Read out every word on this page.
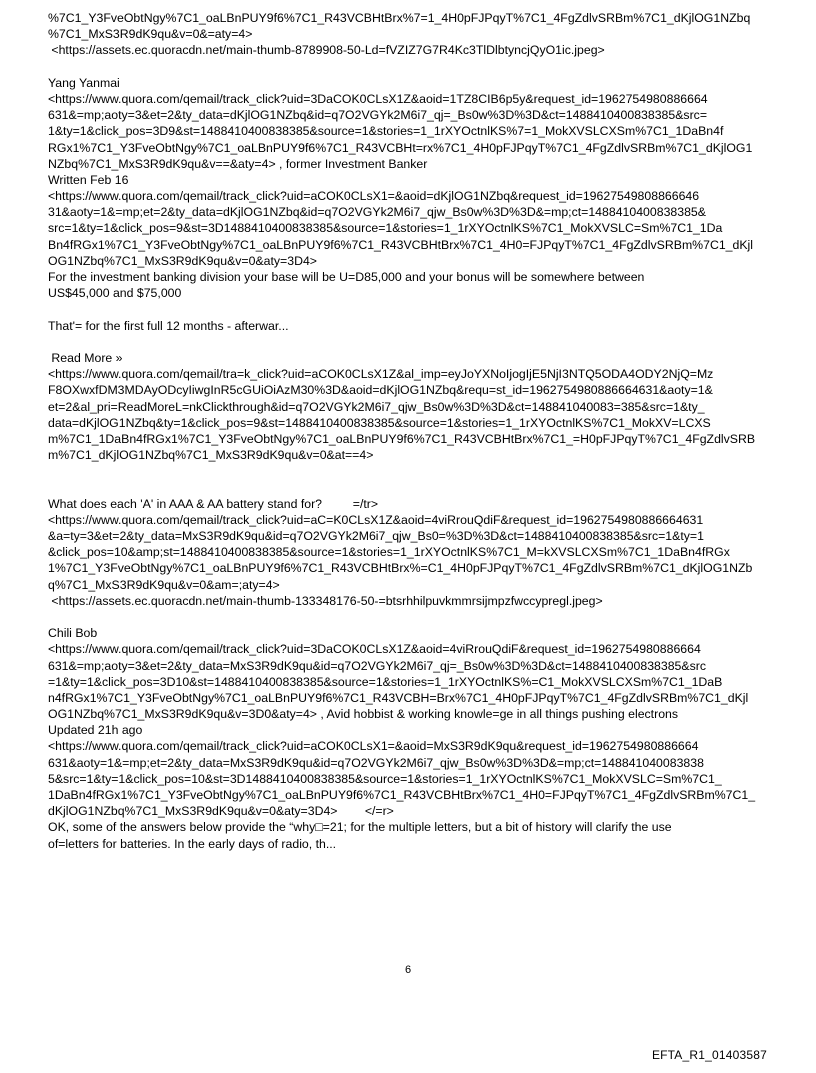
%7C1_Y3FveObtNgy%7C1_oaLBnPUY9f6%7C1_R43VCBHtBrx%7=1_4H0pFJPqyT%7C1_4FgZdlvSRBm%7C1_dKjlOG1NZbq
%7C1_MxS3R9dK9qu&v=0&=aty=4>
<https://assets.ec.quoracdn.net/main-thumb-8789908-50-Ld=fVZIZ7G7R4Kc3TlDlbtyncjQyO1ic.jpeg>
Yang Yanmai
<https://www.quora.com/qemail/track_click?uid=3DaCOK0CLsX1Z&aoid=1TZ8CIB6p5y&request_id=1962754980886664
631&=mp;aoty=3&et=2&ty_data=dKjlOG1NZbq&id=q7O2VGYk2M6i7_qj=_Bs0w%3D%3D&ct=1488410400838385&src=
1&ty=1&click_pos=3D9&st=1488410400838385&source=1&stories=1_1rXYOctnlKS%7=1_MokXVSLCXSm%7C1_1DaBn4f
RGx1%7C1_Y3FveObtNgy%7C1_oaLBnPUY9f6%7C1_R43VCBHt=rx%7C1_4H0pFJPqyT%7C1_4FgZdlvSRBm%7C1_dKjlOG1
NZbq%7C1_MxS3R9dK9qu&v==&aty=4> , former Investment Banker
Written Feb 16
<https://www.quora.com/qemail/track_click?uid=aCOK0CLsX1=&aoid=dKjlOG1NZbq&request_id=19627549808866646
31&aoty=1&=mp;et=2&ty_data=dKjlOG1NZbq&id=q7O2VGYk2M6i7_qjw_Bs0w%3D%3D&=mp;ct=1488410400838385&
src=1&ty=1&click_pos=9&st=3D1488410400838385&source=1&stories=1_1rXYOctnlKS%7C1_MokXVSLC=Sm%7C1_1Da
Bn4fRGx1%7C1_Y3FveObtNgy%7C1_oaLBnPUY9f6%7C1_R43VCBHtBrx%7C1_4H0=FJPqyT%7C1_4FgZdlvSRBm%7C1_dKjl
OG1NZbq%7C1_MxS3R9dK9qu&v=0&aty=3D4>
For the investment banking division your base will be U=D85,000 and your bonus will be somewhere between
US$45,000 and $75,000
That'= for the first full 12 months - afterwar...
Read More »
<https://www.quora.com/qemail/tra=k_click?uid=aCOK0CLsX1Z&al_imp=eyJoYXNoIjogIjE5NjI3NTQ5ODA4ODY2NjQ=Mz
F8OXwxfDM3MDAyODcyIiwgInR5cGUiOiAzM30%3D&aoid=dKjlOG1NZbq&requ=st_id=1962754980886664631&aoty=1&
et=2&al_pri=ReadMoreL=nkClickthrough&id=q7O2VGYk2M6i7_qjw_Bs0w%3D%3D&ct=148841040083=385&src=1&ty_
data=dKjlOG1NZbq&ty=1&click_pos=9&st=1488410400838385&source=1&stories=1_1rXYOctnlKS%7C1_MokXV=LCXS
m%7C1_1DaBn4fRGx1%7C1_Y3FveObtNgy%7C1_oaLBnPUY9f6%7C1_R43VCBHtBrx%7C1_=H0pFJPqyT%7C1_4FgZdlvSRB
m%7C1_dKjlOG1NZbq%7C1_MxS3R9dK9qu&v=0&at==4>
What does each 'A' in AAA & AA battery stand for?         =/tr>
<https://www.quora.com/qemail/track_click?uid=aC=K0CLsX1Z&aoid=4viRrouQdiF&request_id=1962754980886664631
&a=ty=3&et=2&ty_data=MxS3R9dK9qu&id=q7O2VGYk2M6i7_qjw_Bs0=%3D%3D&ct=1488410400838385&src=1&ty=1
&click_pos=10&amp;st=1488410400838385&source=1&stories=1_1rXYOctnlKS%7C1_M=kXVSLCXSm%7C1_1DaBn4fRGx
1%7C1_Y3FveObtNgy%7C1_oaLBnPUY9f6%7C1_R43VCBHtBrx%=C1_4H0pFJPqyT%7C1_4FgZdlvSRBm%7C1_dKjlOG1NZb
q%7C1_MxS3R9dK9qu&v=0&am=;aty=4>
<https://assets.ec.quoracdn.net/main-thumb-133348176-50-=btsrhhilpuvkmmrsijmpzfwccypregl.jpeg>
Chili Bob
<https://www.quora.com/qemail/track_click?uid=3DaCOK0CLsX1Z&aoid=4viRrouQdiF&request_id=1962754980886664
631&=mp;aoty=3&et=2&ty_data=MxS3R9dK9qu&id=q7O2VGYk2M6i7_qj=_Bs0w%3D%3D&ct=1488410400838385&src
=1&ty=1&click_pos=3D10&st=1488410400838385&source=1&stories=1_1rXYOctnlKS%=C1_MokXVSLCXSm%7C1_1DaB
n4fRGx1%7C1_Y3FveObtNgy%7C1_oaLBnPUY9f6%7C1_R43VCBH=Brx%7C1_4H0pFJPqyT%7C1_4FgZdlvSRBm%7C1_dKjl
OG1NZbq%7C1_MxS3R9dK9qu&v=3D0&aty=4> , Avid hobbist & working knowle=ge in all things pushing electrons
Updated 21h ago
<https://www.quora.com/qemail/track_click?uid=aCOK0CLsX1=&aoid=MxS3R9dK9qu&request_id=1962754980886664
631&aoty=1&=mp;et=2&ty_data=MxS3R9dK9qu&id=q7O2VGYk2M6i7_qjw_Bs0w%3D%3D&=mp;ct=148841040083838
5&src=1&ty=1&click_pos=10&st=3D1488410400838385&source=1&stories=1_1rXYOctnlKS%7C1_MokXVSLC=Sm%7C1_
1DaBn4fRGx1%7C1_Y3FveObtNgy%7C1_oaLBnPUY9f6%7C1_R43VCBHtBrx%7C1_4H0=FJPqyT%7C1_4FgZdlvSRBm%7C1_
dKjlOG1NZbq%7C1_MxS3R9dK9qu&v=0&aty=3D4>        </=r>
OK, some of the answers below provide the “why□=21; for the multiple letters, but a bit of history will clarify the use
of=letters for batteries. In the early days of radio, th...
6
EFTA_R1_01403587
